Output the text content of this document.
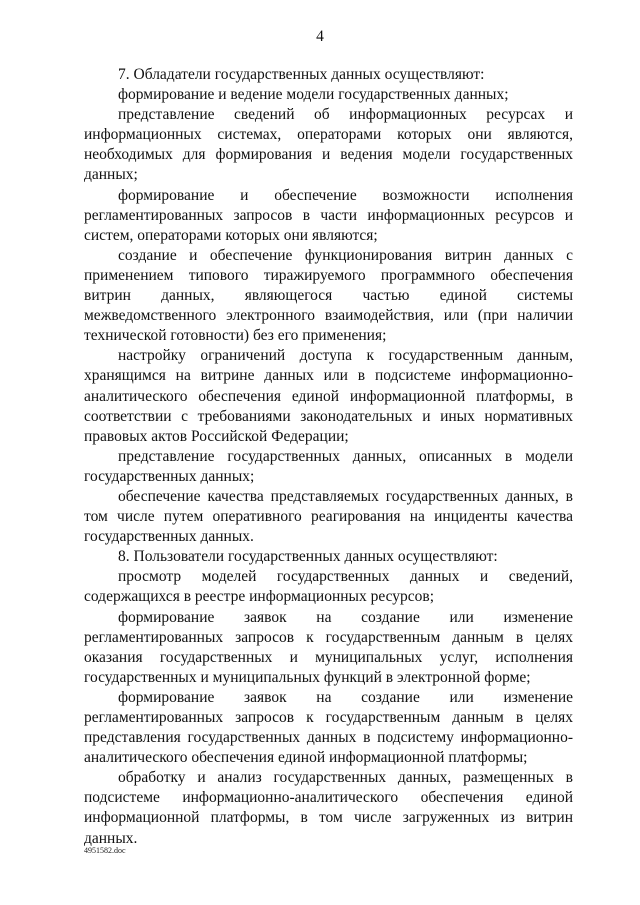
4

7. Обладатели государственных данных осуществляют:

формирование и ведение модели государственных данных;

представление сведений об информационных ресурсах и информационных системах, операторами которых они являются, необходимых для формирования и ведения модели государственных данных;

формирование и обеспечение возможности исполнения регламентированных запросов в части информационных ресурсов и систем, операторами которых они являются;

создание и обеспечение функционирования витрин данных с применением типового тиражируемого программного обеспечения витрин данных, являющегося частью единой системы межведомственного электронного взаимодействия, или (при наличии технической готовности) без его применения;

настройку ограничений доступа к государственным данным, хранящимся на витрине данных или в подсистеме информационно-аналитического обеспечения единой информационной платформы, в соответствии с требованиями законодательных и иных нормативных правовых актов Российской Федерации;

представление государственных данных, описанных в модели государственных данных;

обеспечение качества представляемых государственных данных, в том числе путем оперативного реагирования на инциденты качества государственных данных.

8. Пользователи государственных данных осуществляют:

просмотр моделей государственных данных и сведений, содержащихся в реестре информационных ресурсов;

формирование заявок на создание или изменение регламентированных запросов к государственным данным в целях оказания государственных и муниципальных услуг, исполнения государственных и муниципальных функций в электронной форме;

формирование заявок на создание или изменение регламентированных запросов к государственным данным в целях представления государственных данных в подсистему информационно-аналитического обеспечения единой информационной платформы;

обработку и анализ государственных данных, размещенных в подсистеме информационно-аналитического обеспечения единой информационной платформы, в том числе загруженных из витрин данных.

4951582.doc
